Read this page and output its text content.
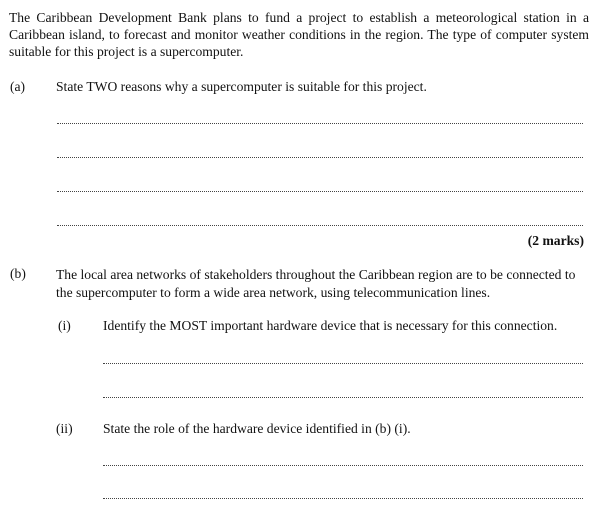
The Caribbean Development Bank plans to fund a project to establish a meteorological station in a Caribbean island, to forecast and monitor weather conditions in the region. The type of computer system suitable for this project is a supercomputer.
(a) State TWO reasons why a supercomputer is suitable for this project.
(2 marks)
(b) The local area networks of stakeholders throughout the Caribbean region are to be connected to the supercomputer to form a wide area network, using telecommunication lines.
(i) Identify the MOST important hardware device that is necessary for this connection.
(ii) State the role of the hardware device identified in (b) (i).
